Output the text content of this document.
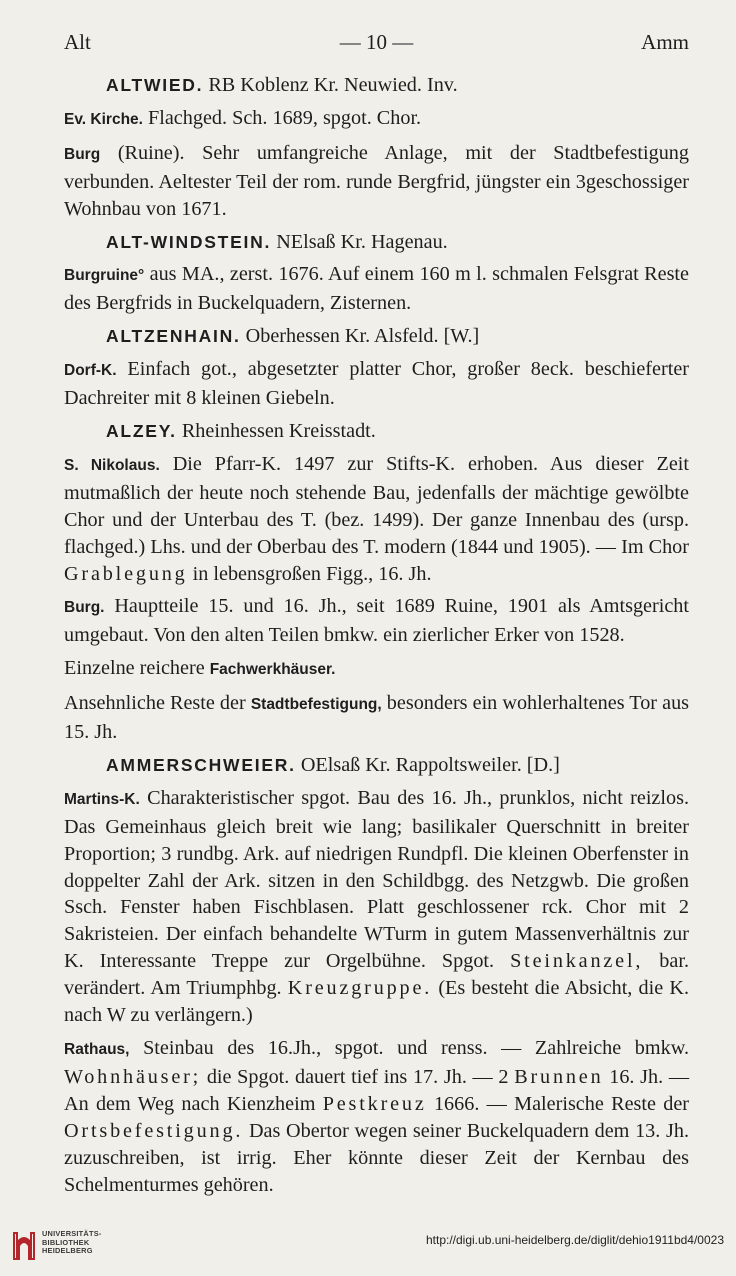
Alt	— 10 —	Amm
ALTWIED. RB Koblenz Kr. Neuwied. Inv.
Ev. Kirche. Flachged. Sch. 1689, spgot. Chor.
Burg (Ruine). Sehr umfangreiche Anlage, mit der Stadtbefestigung verbunden. Aeltester Teil der rom. runde Bergfrid, jüngster ein 3geschossiger Wohnbau von 1671.
ALT-WINDSTEIN. NElsaß Kr. Hagenau.
Burgruine° aus MA., zerst. 1676. Auf einem 160 m l. schmalen Felsgrat Reste des Bergfrids in Buckelquadern, Zisternen.
ALTZENHAIN. Oberhessen Kr. Alsfeld. [W.]
Dorf-K. Einfach got., abgesetzter platter Chor, großer 8eck. beschieferter Dachreiter mit 8 kleinen Giebeln.
ALZEY. Rheinhessen Kreisstadt.
S. Nikolaus. Die Pfarr-K. 1497 zur Stifts-K. erhoben. Aus dieser Zeit mutmaßlich der heute noch stehende Bau, jedenfalls der mächtige gewölbte Chor und der Unterbau des T. (bez. 1499). Der ganze Innenbau des (ursp. flachged.) Lhs. und der Oberbau des T. modern (1844 und 1905). — Im Chor Grablegung in lebensgroßen Figg., 16. Jh.
Burg. Hauptteile 15. und 16. Jh., seit 1689 Ruine, 1901 als Amtsgericht umgebaut. Von den alten Teilen bmkw. ein zierlicher Erker von 1528.
Einzelne reichere Fachwerkhäuser.
Ansehnliche Reste der Stadtbefestigung, besonders ein wohlerhaltenes Tor aus 15. Jh.
AMMERSCHWEIER. OElsaß Kr. Rappoltsweiler. [D.]
Martins-K. Charakteristischer spgot. Bau des 16. Jh., prunklos, nicht reizlos. Das Gemeinhaus gleich breit wie lang; basilikaler Querschnitt in breiter Proportion; 3 rundbg. Ark. auf niedrigen Rundpfl. Die kleinen Oberfenster in doppelter Zahl der Ark. sitzen in den Schildbgg. des Netzgwb. Die großen Ssch. Fenster haben Fischblasen. Platt geschlossener rck. Chor mit 2 Sakristeien. Der einfach behandelte WTurm in gutem Massenverhältnis zur K. Interessante Treppe zur Orgelbühne. Spgot. Steinkanzel, bar. verändert. Am Triumphbg. Kreuzgruppe. (Es besteht die Absicht, die K. nach W zu verlängern.)
Rathaus, Steinbau des 16.Jh., spgot. und renss. — Zahlreiche bmkw. Wohnhäuser; die Spgot. dauert tief ins 17. Jh. — 2 Brunnen 16. Jh. — An dem Weg nach Kienzheim Pestkreuz 1666. — Malerische Reste der Ortsbefestigung. Das Obertor wegen seiner Buckelquadern dem 13. Jh. zuzuschreiben, ist irrig. Eher könnte dieser Zeit der Kernbau des Schelmenturmes gehören.
UNIVERSITÄTS-
BIBLIOTHEK
HEIDELBERG
http://digi.ub.uni-heidelberg.de/diglit/dehio1911bd4/0023
